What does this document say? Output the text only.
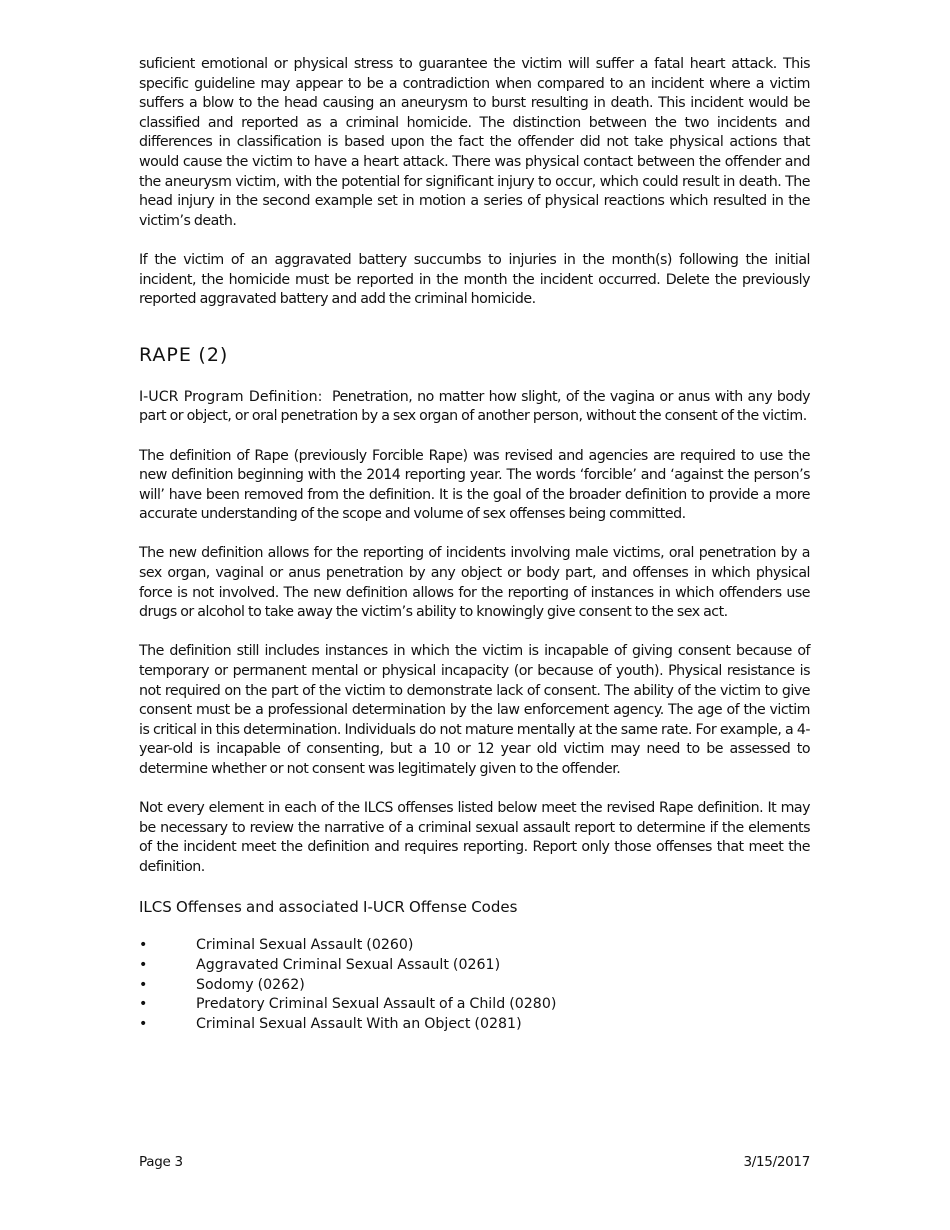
suficient emotional or physical stress to guarantee the victim will suffer a fatal heart attack. This specific guideline may appear to be a contradiction when compared to an incident where a victim suffers a blow to the head causing an aneurysm to burst resulting in death. This incident would be classified and reported as a criminal homicide. The distinction between the two incidents and differences in classification is based upon the fact the offender did not take physical actions that would cause the victim to have a heart attack. There was physical contact between the offender and the aneurysm victim, with the potential for significant injury to occur, which could result in death. The head injury in the second example set in motion a series of physical reactions which resulted in the victim’s death.

If the victim of an aggravated battery succumbs to injuries in the month(s) following the initial incident, the homicide must be reported in the month the incident occurred. Delete the previously reported aggravated battery and add the criminal homicide.

RAPE (2)

I-UCR Program Definition: Penetration, no matter how slight, of the vagina or anus with any body part or object, or oral penetration by a sex organ of another person, without the consent of the victim.

The definition of Rape (previously Forcible Rape) was revised and agencies are required to use the new definition beginning with the 2014 reporting year. The words ‘forcible’ and ‘against the person’s will’ have been removed from the definition. It is the goal of the broader definition to provide a more accurate understanding of the scope and volume of sex offenses being committed.

The new definition allows for the reporting of incidents involving male victims, oral penetration by a sex organ, vaginal or anus penetration by any object or body part, and offenses in which physical force is not involved. The new definition allows for the reporting of instances in which offenders use drugs or alcohol to take away the victim’s ability to knowingly give consent to the sex act.

The definition still includes instances in which the victim is incapable of giving consent because of temporary or permanent mental or physical incapacity (or because of youth). Physical resistance is not required on the part of the victim to demonstrate lack of consent. The ability of the victim to give consent must be a professional determination by the law enforcement agency. The age of the victim is critical in this determination. Individuals do not mature mentally at the same rate. For example, a 4-year-old is incapable of consenting, but a 10 or 12 year old victim may need to be assessed to determine whether or not consent was legitimately given to the offender.

Not every element in each of the ILCS offenses listed below meet the revised Rape definition. It may be necessary to review the narrative of a criminal sexual assault report to determine if the elements of the incident meet the definition and requires reporting. Report only those offenses that meet the definition.

ILCS Offenses and associated I-UCR Offense Codes
•	Criminal Sexual Assault (0260)
•	Aggravated Criminal Sexual Assault (0261)
•	Sodomy (0262)
•	Predatory Criminal Sexual Assault of a Child (0280)
•	Criminal Sexual Assault With an Object (0281)
Page 3	3/15/2017
